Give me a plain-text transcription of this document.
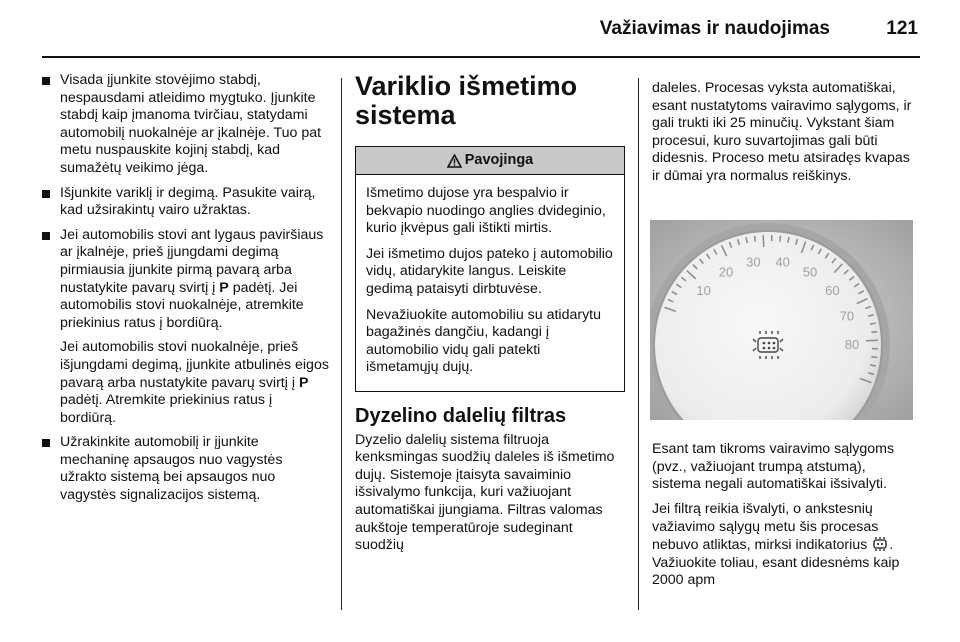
Važiavimas ir naudojimas	121

Visada įjunkite stovėjimo stabdį, nespausdami atleidimo mygtuko. Įjunkite stabdį kaip įmanoma tvirčiau, statydami automobilį nuokalnėje ar įkalnėje. Tuo pat metu nuspauskite kojinį stabdį, kad sumažėtų veikimo jėga.

Išjunkite variklį ir degimą. Pasukite vairą, kad užsirakintų vairo užraktas.

Jei automobilis stovi ant lygaus paviršiaus ar įkalnėje, prieš įjungdami degimą pirmiausia įjunkite pirmą pavarą arba nustatykite pavarų svirtį į P padėtį. Jei automobilis stovi nuokalnėje, atremkite priekinius ratus į bordiūrą.

Jei automobilis stovi nuokalnėje, prieš išjungdami degimą, įjunkite atbulinės eigos pavarą arba nustatykite pavarų svirtį į P padėtį. Atremkite priekinius ratus į bordiūrą.

Užrakinkite automobilį ir įjunkite mechaninę apsaugos nuo vagystės užrakto sistemą bei apsaugos nuo vagystės signalizacijos sistemą.

Variklio išmetimo sistema
Pavojinga

Išmetimo dujose yra bespalvio ir bekvapio nuodingo anglies dvideginio, kurio įkvėpus gali ištikti mirtis.

Jei išmetimo dujos pateko į automobilio vidų, atidarykite langus. Leiskite gedimą pataisyti dirbtuvėse.

Nevažiuokite automobiliu su atidarytu bagažinės dangčiu, kadangi į automobilio vidų gali patekti išmetamųjų dujų.

Dyzelino dalelių filtras

Dyzelio dalelių sistema filtruoja kenksmingas suodžių daleles iš išmetimo dujų. Sistemoje įtaisyta savaiminio išsivalymo funkcija, kuri važiuojant automatiškai įjungiama. Filtras valomas aukštoje temperatūroje sudeginant suodžių

daleles. Procesas vyksta automatiškai, esant nustatytoms vairavimo sąlygoms, ir gali trukti iki 25 minučių. Vykstant šiam procesui, kuro suvartojimas gali būti didesnis. Proceso metu atsiradęs kvapas ir dūmai yra normalus reiškinys.

10
20
30 40
50
60
70
80

Esant tam tikroms vairavimo sąlygoms (pvz., važiuojant trumpą atstumą), sistema negali automatiškai išsivalyti.

Jei filtrą reikia išvalyti, o ankstesnių važiavimo sąlygų metu šis procesas nebuvo atliktas, mirksi indikatorius . Važiuokite toliau, esant didesnėms kaip 2000 apm
